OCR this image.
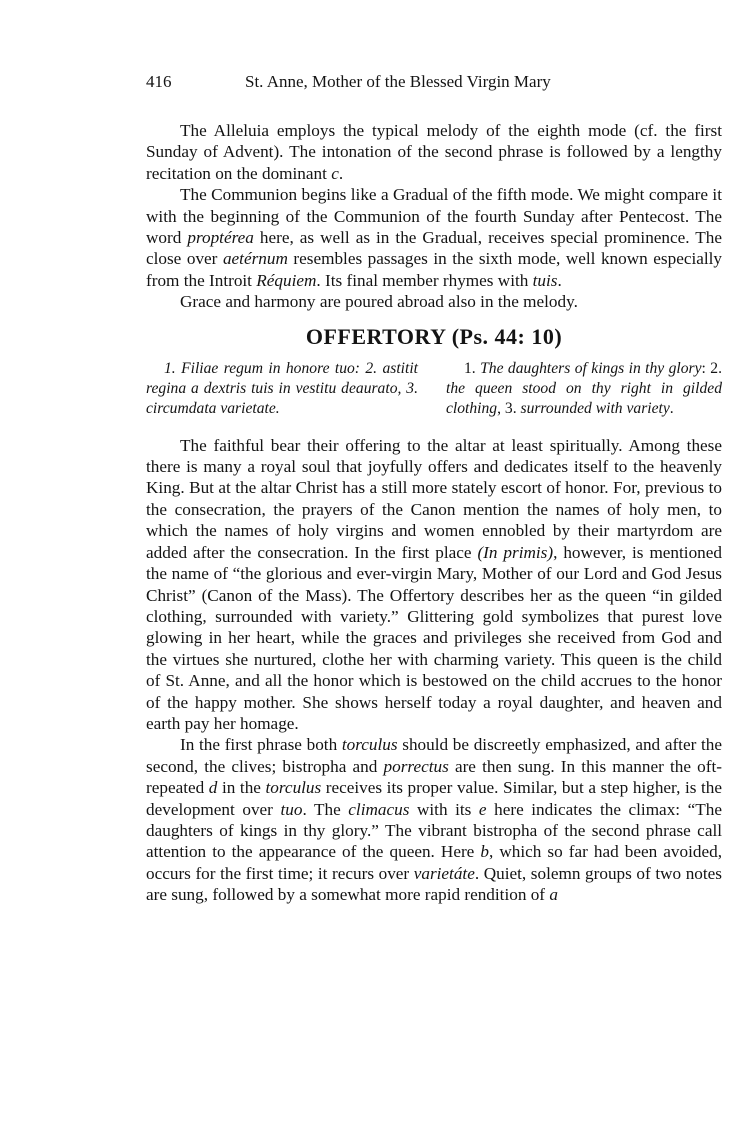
416	St. Anne, Mother of the Blessed Virgin Mary

The Alleluia employs the typical melody of the eighth mode (cf. the first Sunday of Advent). The intonation of the second phrase is followed by a lengthy recitation on the dominant c.

The Communion begins like a Gradual of the fifth mode. We might compare it with the beginning of the Communion of the fourth Sunday after Pentecost. The word proptérea here, as well as in the Gradual, receives special prominence. The close over aetérnum resembles passages in the sixth mode, well known especially from the Introit Réquiem. Its final member rhymes with tuis.

Grace and harmony are poured abroad also in the melody.

OFFERTORY (Ps. 44: 10)
1. Filiae regum in honore tuo: 2. astitit regina a dextris tuis in vestitu deaurato, 3. circumdata varietate.
1. The daughters of kings in thy glory: 2. the queen stood on thy right in gilded clothing, 3. surrounded with variety.

The faithful bear their offering to the altar at least spiritually. Among these there is many a royal soul that joyfully offers and dedicates itself to the heavenly King. But at the altar Christ has a still more stately escort of honor. For, previous to the consecration, the prayers of the Canon mention the names of holy men, to which the names of holy virgins and women ennobled by their martyrdom are added after the consecration. In the first place (In primis), however, is mentioned the name of “the glorious and ever-virgin Mary, Mother of our Lord and God Jesus Christ” (Canon of the Mass). The Offertory describes her as the queen “in gilded clothing, surrounded with variety.” Glittering gold symbolizes that purest love glowing in her heart, while the graces and privileges she received from God and the virtues she nurtured, clothe her with charming variety. This queen is the child of St. Anne, and all the honor which is bestowed on the child accrues to the honor of the happy mother. She shows herself today a royal daughter, and heaven and earth pay her homage.

In the first phrase both torculus should be discreetly emphasized, and after the second, the clives; bistropha and porrectus are then sung. In this manner the oft-repeated d in the torculus receives its proper value. Similar, but a step higher, is the development over tuo. The climacus with its e here indicates the climax: “The daughters of kings in thy glory.” The vibrant bistropha of the second phrase call attention to the appearance of the queen. Here b, which so far had been avoided, occurs for the first time; it recurs over varietáte. Quiet, solemn groups of two notes are sung, followed by a somewhat more rapid rendition of a
